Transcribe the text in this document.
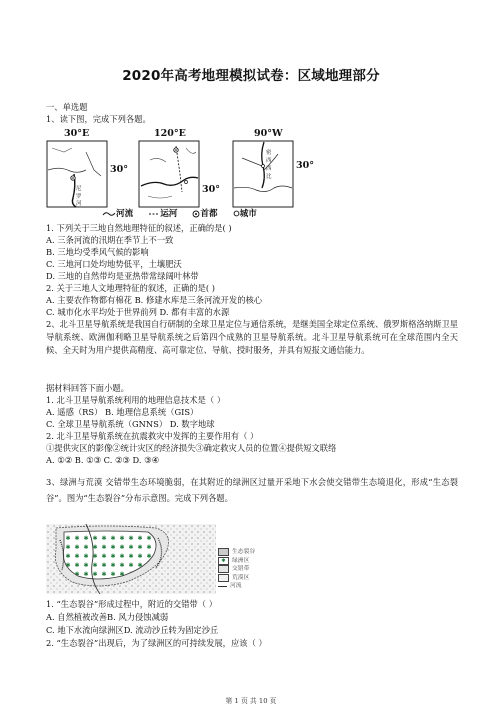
2020年高考地理模拟试卷：区域地理部分
一、单选题
1、读下图，完成下列各题。
30°E
尼
罗
河
30°
120°E
30°
90°W
密
西
西
比
30°
河流	运河	首都	城市
1. 下列关于三地自然地理特征的叙述，正确的是( )
A. 三条河流的汛期在季节上不一致
B. 三地均受季风气候的影响
C. 三地河口处均地势低平，土壤肥沃
D. 三地的自然带均是亚热带常绿阔叶林带
2. 关于三地人文地理特征的叙述，正确的是( )
A. 主要农作物都有棉花 B. 修建水库是三条河流开发的核心
C. 城市化水平均处于世界前列 D. 都有丰富的水源
2、北斗卫星导航系统是我国自行研制的全球卫星定位与通信系统，是继美国全球定位系统、俄罗斯格洛纳斯卫星导航系统、欧洲伽利略卫星导航系统之后第四个成熟的卫星导航系统。北斗卫星导航系统可在全球范围内全天候、全天时为用户提供高精度、高可靠定位、导航、授时服务，并具有短报文通信能力。
据材料回答下面小题。
1. 北斗卫星导航系统利用的地理信息技术是（ ）
A. 遥感（RS） B. 地理信息系统（GIS）
C. 全球卫星导航系统（GNNS） D. 数字地球
2. 北斗卫星导航系统在抗震救灾中发挥的主要作用有（ ）
①提供灾区的影像②统计灾区的经济损失③确定救灾人员的位置④提供短文联络
A. ①② B. ①③ C. ②③ D. ③④
3、绿洲与荒漠 交错带生态环境脆弱，在其附近的绿洲区过量开采地下水会使交错带生态境退化，形成“生态裂谷”。图为“生态裂谷”分布示意图。完成下列各题。
生态裂谷
✱	绿洲区
交错带
荒漠区
河流
1. “生态裂谷”形成过程中，附近的交错带（ ）
A. 自然植被改善B. 风力侵蚀减弱
C. 地下水流向绿洲区D. 流动沙丘转为固定沙丘
2. “生态裂谷”出现后，为了绿洲区的可持续发展，应该（ ）
第 1 页 共 10 页
